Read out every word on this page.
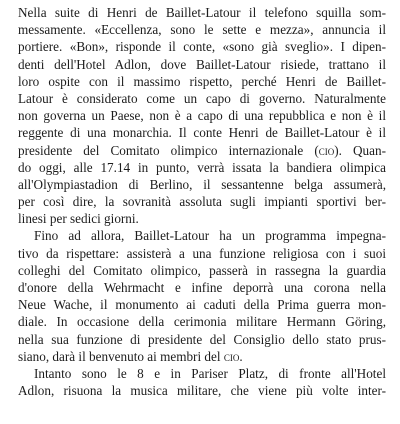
Nella suite di Henri de Baillet-Latour il telefono squilla som-
messamente. «Eccellenza, sono le sette e mezza», annuncia il
portiere. «Bon», risponde il conte, «sono già sveglio». I dipen-
denti dell'Hotel Adlon, dove Baillet-Latour risiede, trattano il
loro ospite con il massimo rispetto, perché Henri de Baillet-
Latour è considerato come un capo di governo. Naturalmente
non governa un Paese, non è a capo di una repubblica e non è il
reggente di una monarchia. Il conte Henri de Baillet-Latour è il
presidente del Comitato olimpico internazionale (cio). Quan-
do oggi, alle 17.14 in punto, verrà issata la bandiera olimpica
all'Olympiastadion di Berlino, il sessantenne belga assumerà,
per così dire, la sovranità assoluta sugli impianti sportivi ber-
linesi per sedici giorni.
Fino ad allora, Baillet-Latour ha un programma impegna-
tivo da rispettare: assisterà a una funzione religiosa con i suoi
colleghi del Comitato olimpico, passerà in rassegna la guardia
d'onore della Wehrmacht e infine deporrà una corona nella
Neue Wache, il monumento ai caduti della Prima guerra mon-
diale. In occasione della cerimonia militare Hermann Göring,
nella sua funzione di presidente del Consiglio dello stato prus-
siano, darà il benvenuto ai membri del cio.
Intanto sono le 8 e in Pariser Platz, di fronte all'Hotel
Adlon, risuona la musica militare, che viene più volte inter-
